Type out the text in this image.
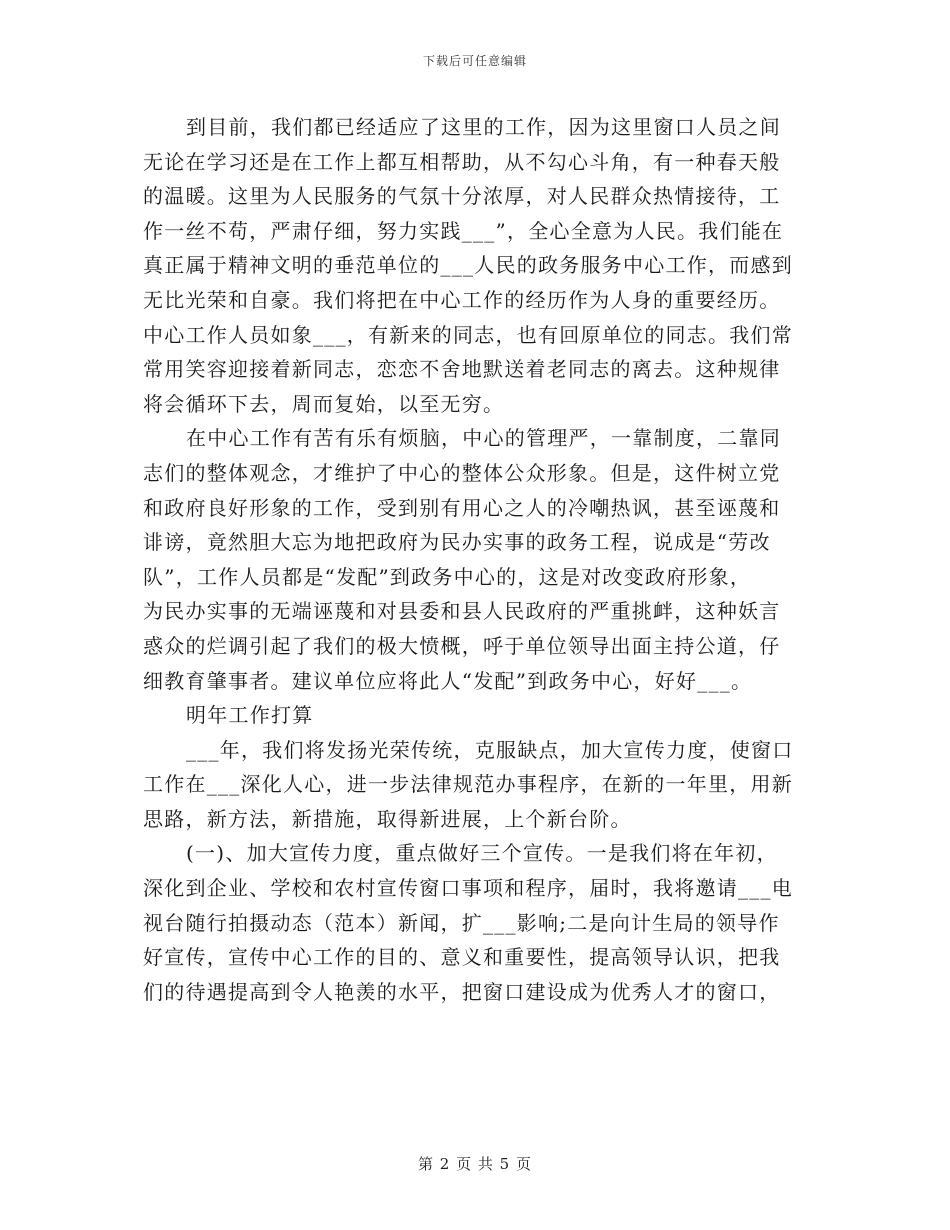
下载后可任意编辑
到目前，我们都已经适应了这里的工作，因为这里窗口人员之间
无论在学习还是在工作上都互相帮助，从不勾心斗角，有一种春天般
的温暖。这里为人民服务的气氛十分浓厚，对人民群众热情接待，工
作一丝不苟，严肃仔细，努力实践___”，全心全意为人民。我们能在
真正属于精神文明的垂范单位的___人民的政务服务中心工作，而感到
无比光荣和自豪。我们将把在中心工作的经历作为人身的重要经历。
中心工作人员如象___，有新来的同志，也有回原单位的同志。我们常
常用笑容迎接着新同志，恋恋不舍地默送着老同志的离去。这种规律
将会循环下去，周而复始，以至无穷。
在中心工作有苦有乐有烦脑，中心的管理严，一靠制度，二靠同
志们的整体观念，才维护了中心的整体公众形象。但是，这件树立党
和政府良好形象的工作，受到别有用心之人的冷嘲热讽，甚至诬蔑和
诽谤，竟然胆大忘为地把政府为民办实事的政务工程，说成是“劳改
队”，工作人员都是“发配”到政务中心的，这是对改变政府形象，
为民办实事的无端诬蔑和对县委和县人民政府的严重挑衅，这种妖言
惑众的烂调引起了我们的极大愤概，呼于单位领导出面主持公道，仔
细教育肇事者。建议单位应将此人“发配”到政务中心，好好___。
明年工作打算
___年，我们将发扬光荣传统，克服缺点，加大宣传力度，使窗口
工作在___深化人心，进一步法律规范办事程序，在新的一年里，用新
思路，新方法，新措施，取得新进展，上个新台阶。
(一)、加大宣传力度，重点做好三个宣传。一是我们将在年初，
深化到企业、学校和农村宣传窗口事项和程序，届时，我将邀请___电
视台随行拍摄动态（范本）新闻，扩___影响;二是向计生局的领导作
好宣传，宣传中心工作的目的、意义和重要性，提高领导认识，把我
们的待遇提高到令人艳羡的水平，把窗口建设成为优秀人才的窗口，
第 2 页 共 5 页
